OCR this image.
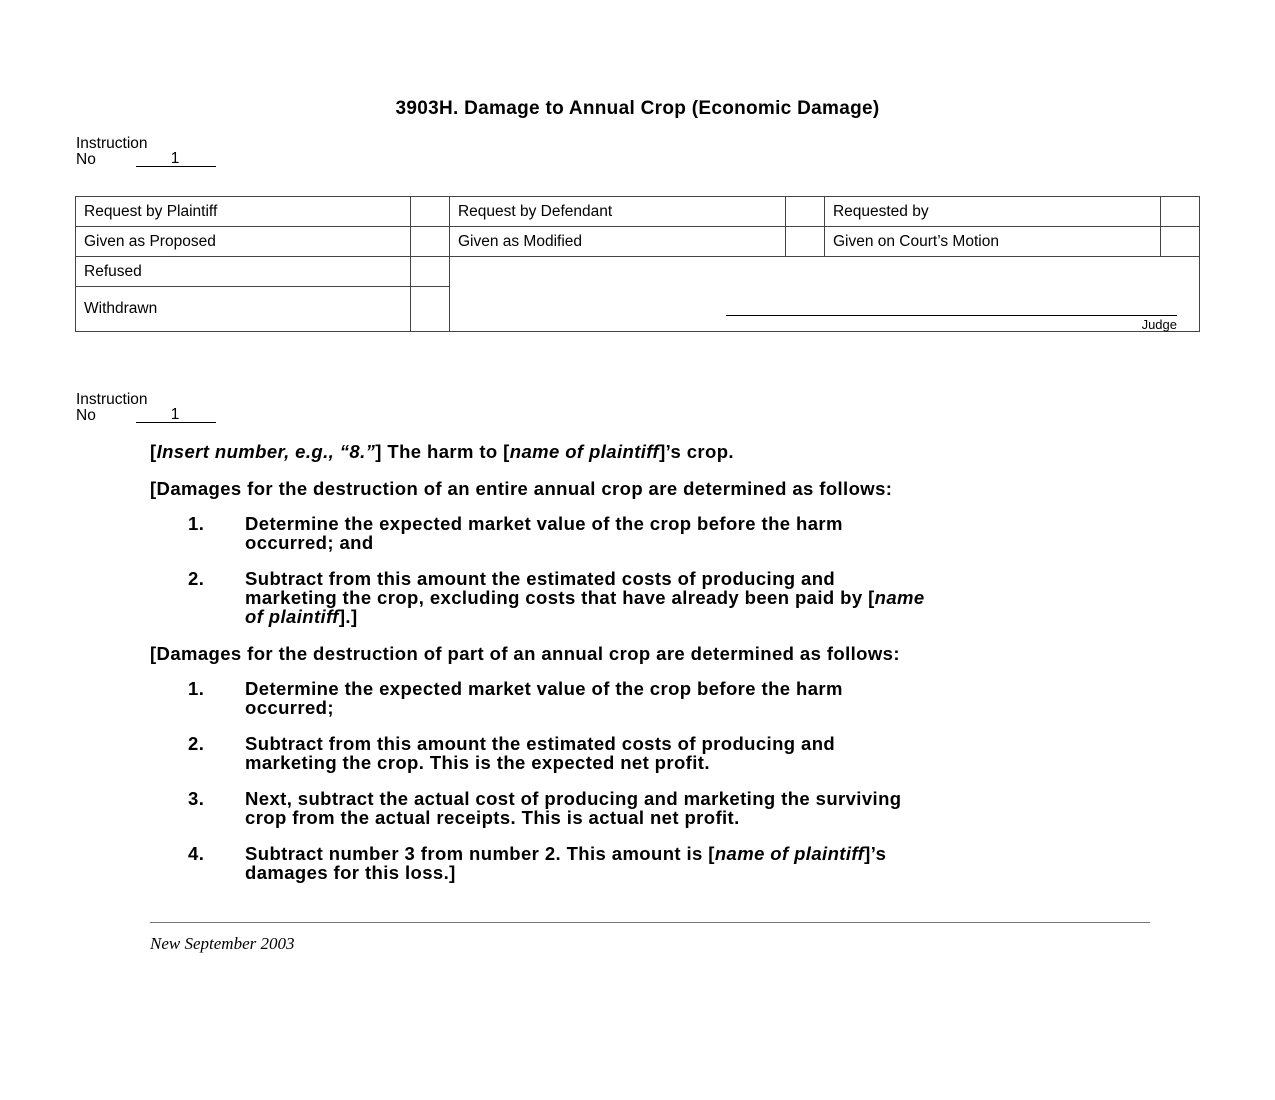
3903H. Damage to Annual Crop (Economic Damage)
Instruction
No	1
Request by Plaintiff		Request by Defendant		Requested by	
Given as Proposed		Given as Modified		Given on Court’s Motion	
Refused		Judge			

Withdrawn					
Instruction
No	1
[Insert number, e.g., “8.”] The harm to [name of plaintiff]’s crop.
[Damages for the destruction of an entire annual crop are determined as follows:
1.	Determine the expected market value of the crop before the harm
occurred; and
2.	Subtract from this amount the estimated costs of producing and
marketing the crop, excluding costs that have already been paid by [name
of plaintiff].]
[Damages for the destruction of part of an annual crop are determined as follows:
1.	Determine the expected market value of the crop before the harm
occurred;
2.	Subtract from this amount the estimated costs of producing and
marketing the crop. This is the expected net profit.
3.	Next, subtract the actual cost of producing and marketing the surviving
crop from the actual receipts. This is actual net profit.
4.	Subtract number 3 from number 2. This amount is [name of plaintiff]’s
damages for this loss.]
New September 2003
